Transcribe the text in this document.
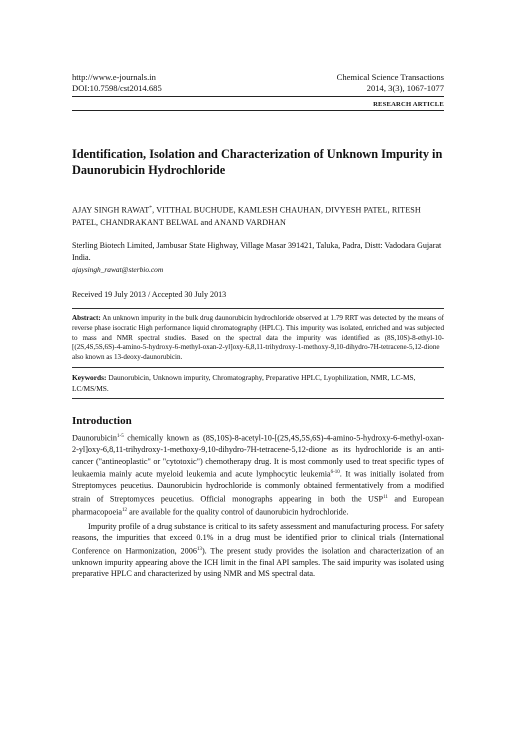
http://www.e-journals.in
DOI:10.7598/cst2014.685
Chemical Science Transactions
2014, 3(3), 1067-1077
RESEARCH ARTICLE
Identification, Isolation and Characterization of Unknown Impurity in Daunorubicin Hydrochloride
AJAY SINGH RAWAT*, VITTHAL BUCHUDE, KAMLESH CHAUHAN, DIVYESH PATEL, RITESH PATEL, CHANDRAKANT BELWAL and ANAND VARDHAN
Sterling Biotech Limited, Jambusar State Highway, Village Masar 391421, Taluka, Padra, Distt: Vadodara Gujarat India.
ajaysingh_rawat@sterbio.com
Received 19 July 2013 / Accepted 30 July 2013
Abstract: An unknown impurity in the bulk drug daunorubicin hydrochloride observed at 1.79 RRT was detected by the means of reverse phase isocratic High performance liquid chromatography (HPLC). This impurity was isolated, enriched and was subjected to mass and NMR spectral studies. Based on the spectral data the impurity was identified as (8S,10S)-8-ethyl-10-[(2S,4S,5S,6S)-4-amino-5-hydroxy-6-methyl-oxan-2-yl]oxy-6,8,11-trihydroxy-1-methoxy-9,10-dihydro-7H-tetracene-5,12-dione also known as 13-deoxy-daunorubicin.
Keywords: Daunorubicin, Unknown impurity, Chromatography, Preparative HPLC, Lyophilization, NMR, LC-MS, LC/MS/MS.
Introduction

Daunorubicin$^{1-5}$ chemically known as (8S,10S)-8-acetyl-10-[(2S,4S,5S,6S)-4-amino-5-hydroxy-6-methyl-oxan-2-yl]oxy-6,8,11-trihydroxy-1-methoxy-9,10-dihydro-7H-tetracene-5,12-dione as its hydrochloride is an anti-cancer ("antineoplastic" or "cytotoxic") chemotherapy drug. It is most commonly used to treat specific types of leukaemia mainly acute myeloid leukemia and acute lymphocytic leukemia$^{6-10}$. It was initially isolated from Streptomyces peucetius. Daunorubicin hydrochloride is commonly obtained fermentatively from a modified strain of Streptomyces peucetius. Official monographs appearing in both the USP$^{11}$ and European pharmacopoeia$^{12}$ are available for the quality control of daunorubicin hydrochloride.

Impurity profile of a drug substance is critical to its safety assessment and manufacturing process. For safety reasons, the impurities that exceed 0.1% in a drug must be identified prior to clinical trials (International Conference on Harmonization, 2006$^{13}$). The present study provides the isolation and characterization of an unknown impurity appearing above the ICH limit in the final API samples. The said impurity was isolated using preparative HPLC and characterized by using NMR and MS spectral data.
